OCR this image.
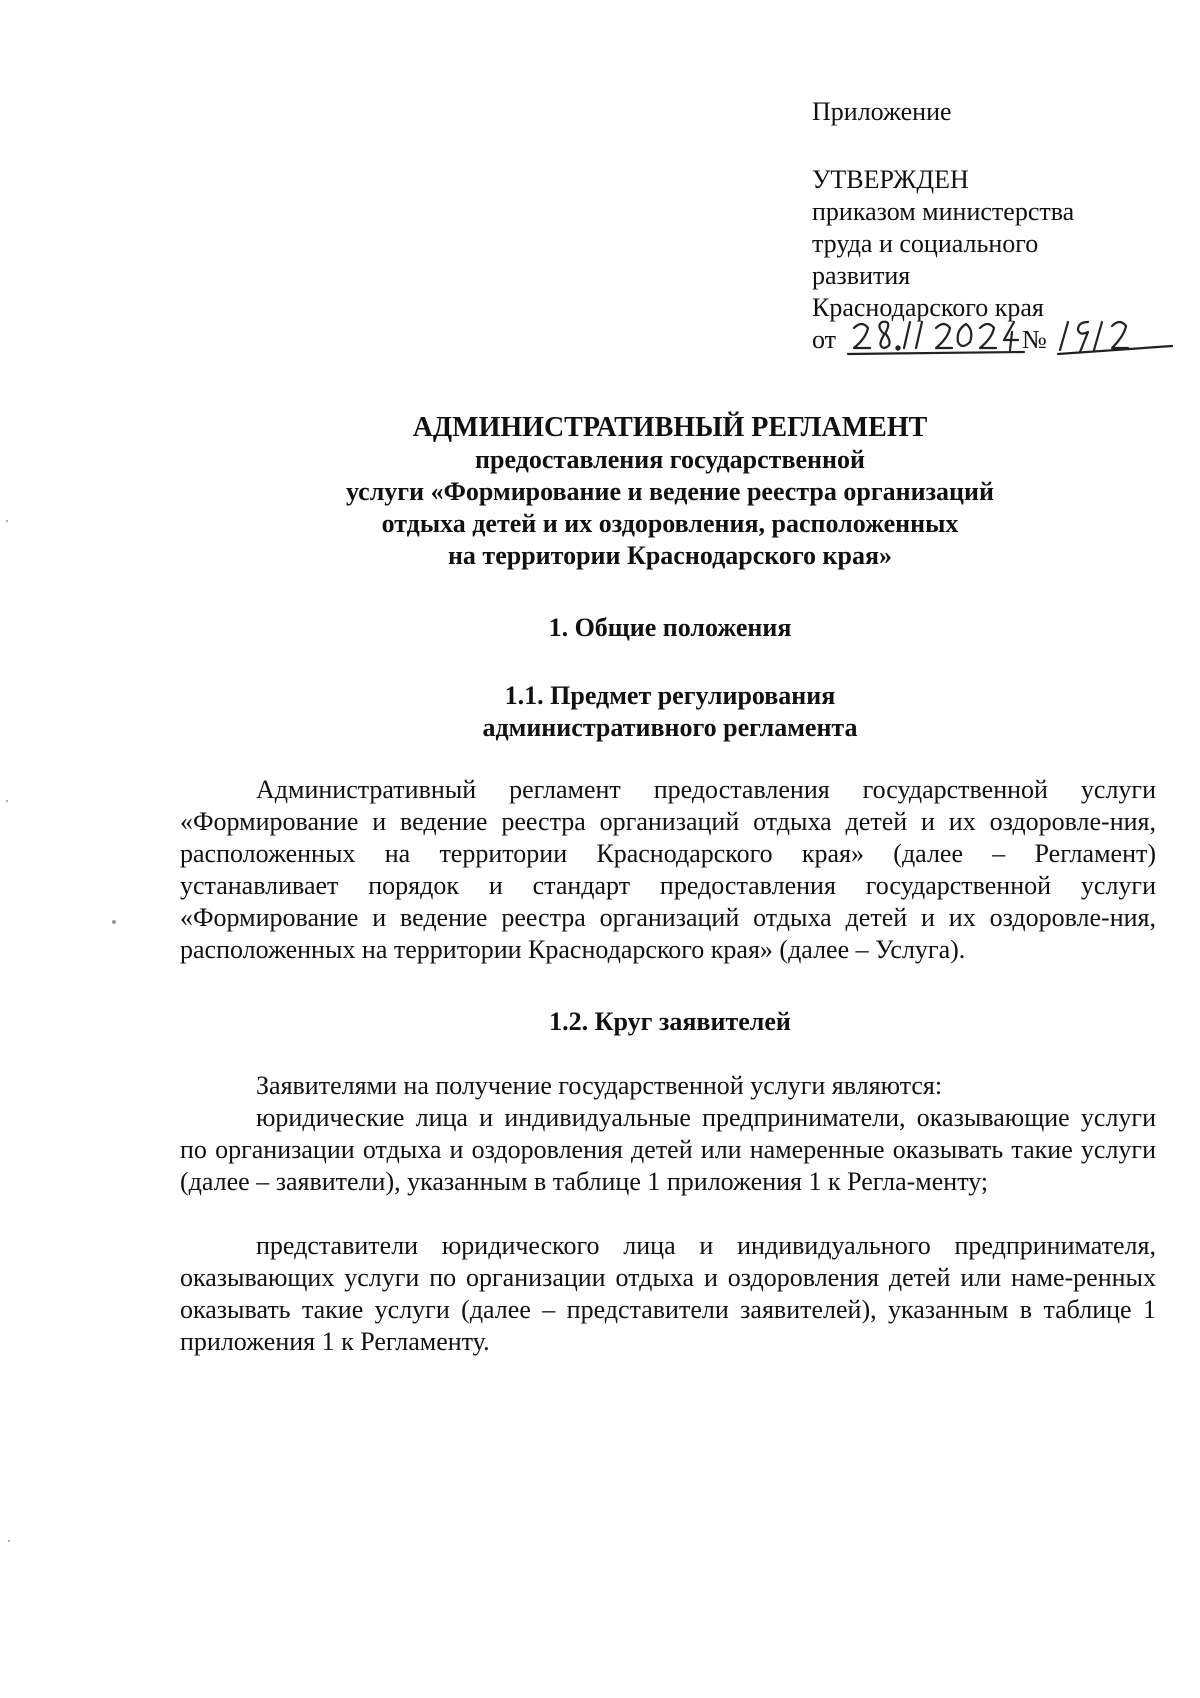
Приложение
УТВЕРЖДЕН
приказом министерства
труда и социального
развития
Краснодарского края
от	№
АДМИНИСТРАТИВНЫЙ РЕГЛАМЕНТ
предоставления государственной
услуги «Формирование и ведение реестра организаций
отдыха детей и их оздоровления, расположенных
на территории Краснодарского края»
1. Общие положения
1.1. Предмет регулирования
административного регламента

Административный регламент предоставления государственной услуги «Формирование и ведение реестра организаций отдыха детей и их оздоровле-ния, расположенных на территории Краснодарского края» (далее – Регламент) устанавливает порядок и стандарт предоставления государственной услуги «Формирование и ведение реестра организаций отдыха детей и их оздоровле-ния, расположенных на территории Краснодарского края» (далее – Услуга).

1.2. Круг заявителей

Заявителями на получение государственной услуги являются:

юридические лица и индивидуальные предприниматели, оказывающие услуги по организации отдыха и оздоровления детей или намеренные оказывать такие услуги (далее – заявители), указанным в таблице 1 приложения 1 к Регла-менту;

представители юридического лица и индивидуального предпринимателя, оказывающих услуги по организации отдыха и оздоровления детей или наме-ренных оказывать такие услуги (далее – представители заявителей), указанным в таблице 1 приложения 1 к Регламенту.
